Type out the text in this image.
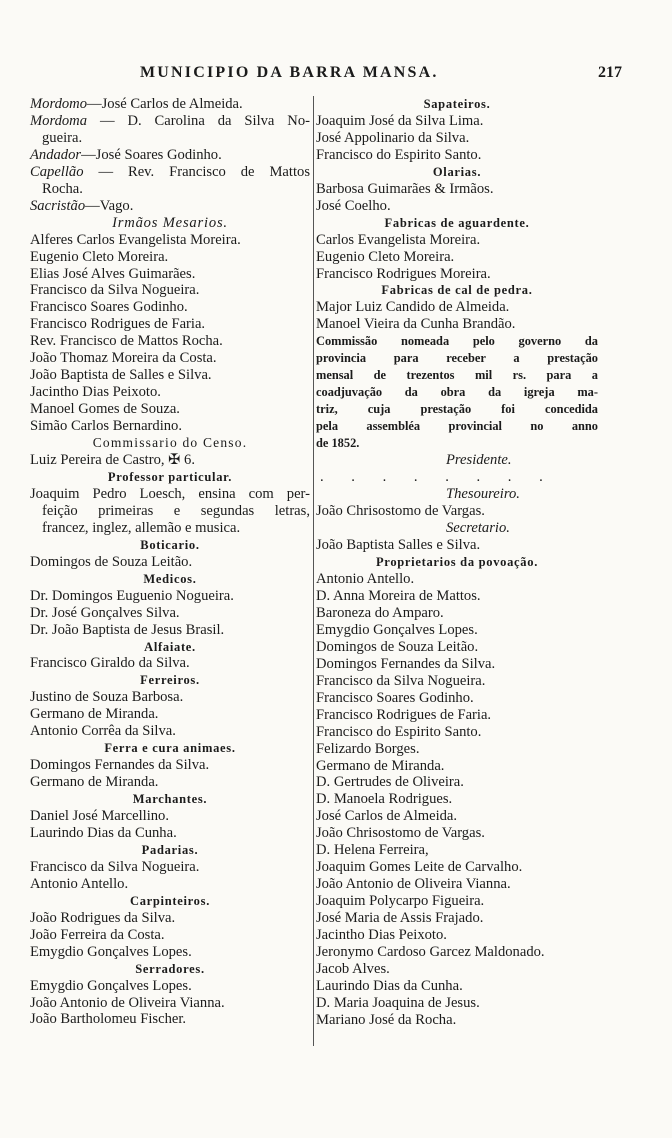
MUNICIPIO DA BARRA MANSA.	217
Mordomo—José Carlos de Almeida.
Mordoma — D. Carolina da Silva No-
gueira.
Andador—José Soares Godinho.
Capellão — Rev. Francisco de Mattos
Rocha.
Sacristão—Vago.
Irmãos Mesarios.
Alferes Carlos Evangelista Moreira.
Eugenio Cleto Moreira.
Elias José Alves Guimarães.
Francisco da Silva Nogueira.
Francisco Soares Godinho.
Francisco Rodrigues de Faria.
Rev. Francisco de Mattos Rocha.
João Thomaz Moreira da Costa.
João Baptista de Salles e Silva.
Jacintho Dias Peixoto.
Manoel Gomes de Souza.
Simão Carlos Bernardino.
Commissario do Censo.
Luiz Pereira de Castro, ✠ 6.
Professor particular.
Joaquim Pedro Loesch, ensina com per-
feição primeiras e segundas letras,
francez, inglez, allemão e musica.
Boticario.
Domingos de Souza Leitão.
Medicos.
Dr. Domingos Euguenio Nogueira.
Dr. José Gonçalves Silva.
Dr. João Baptista de Jesus Brasil.
Alfaiate.
Francisco Giraldo da Silva.
Ferreiros.
Justino de Souza Barbosa.
Germano de Miranda.
Antonio Corrêa da Silva.
Ferra e cura animaes.
Domingos Fernandes da Silva.
Germano de Miranda.
Marchantes.
Daniel José Marcellino.
Laurindo Dias da Cunha.
Padarias.
Francisco da Silva Nogueira.
Antonio Antello.
Carpinteiros.
João Rodrigues da Silva.
João Ferreira da Costa.
Emygdio Gonçalves Lopes.
Serradores.
Emygdio Gonçalves Lopes.
João Antonio de Oliveira Vianna.
João Bartholomeu Fischer.
Sapateiros.
Joaquim José da Silva Lima.
José Appolinario da Silva.
Francisco do Espirito Santo.
Olarias.
Barbosa Guimarães & Irmãos.
José Coelho.
Fabricas de aguardente.
Carlos Evangelista Moreira.
Eugenio Cleto Moreira.
Francisco Rodrigues Moreira.
Fabricas de cal de pedra.
Major Luiz Candido de Almeida.
Manoel Vieira da Cunha Brandão.
Commissão nomeada pelo governo da
provincia para receber a prestação
mensal de trezentos mil rs. para a
coadjuvação da obra da igreja ma-
triz, cuja prestação foi concedida
pela assembléa provincial no anno
de 1852.
Presidente.
. . . . . . . .
Thesoureiro.
João Chrisostomo de Vargas.
Secretario.
João Baptista Salles e Silva.
Proprietarios da povoação.
Antonio Antello.
D. Anna Moreira de Mattos.
Baroneza do Amparo.
Emygdio Gonçalves Lopes.
Domingos de Souza Leitão.
Domingos Fernandes da Silva.
Francisco da Silva Nogueira.
Francisco Soares Godinho.
Francisco Rodrigues de Faria.
Francisco do Espirito Santo.
Felizardo Borges.
Germano de Miranda.
D. Gertrudes de Oliveira.
D. Manoela Rodrigues.
José Carlos de Almeida.
João Chrisostomo de Vargas.
D. Helena Ferreira,
Joaquim Gomes Leite de Carvalho.
João Antonio de Oliveira Vianna.
Joaquim Polycarpo Figueira.
José Maria de Assis Frajado.
Jacintho Dias Peixoto.
Jeronymo Cardoso Garcez Maldonado.
Jacob Alves.
Laurindo Dias da Cunha.
D. Maria Joaquina de Jesus.
Mariano José da Rocha.
